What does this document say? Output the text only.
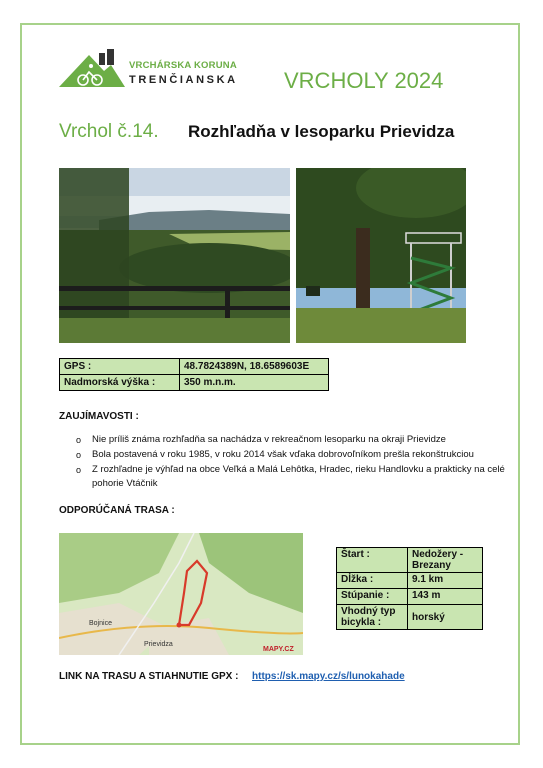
VRCHÁRSKA KORUNA
TRENČIANSKA VRCHOLY 2024
Vrchol č.14. Rozhľadňa v lesoparku Prievidza
GPS :	48.7824389N, 18.6589603E
Nadmorská výška :	350 m.n.m.
ZAUJÍMAVOSTI :
o Nie príliš známa rozhľadňa sa nachádza v rekreačnom lesoparku na okraji Prievidze
o Bola postavená v roku 1985, v roku 2014 však vďaka dobrovoľníkom prešla rekonštrukciou
o Z rozhľadne je výhľad na obce Veľká a Malá Lehôtka, Hradec, rieku Handlovku a prakticky na celé pohorie Vtáčnik
ODPORÚČANÁ TRASA :
Bojnice
Prievidza
MAPY.CZ
Štart :	Nedožery - Brezany
Dĺžka :	9.1 km
Stúpanie :	143 m
Vhodný typ bicykla :	horský
LINK NA TRASU A STIAHNUTIE GPX : https://sk.mapy.cz/s/lunokahade
